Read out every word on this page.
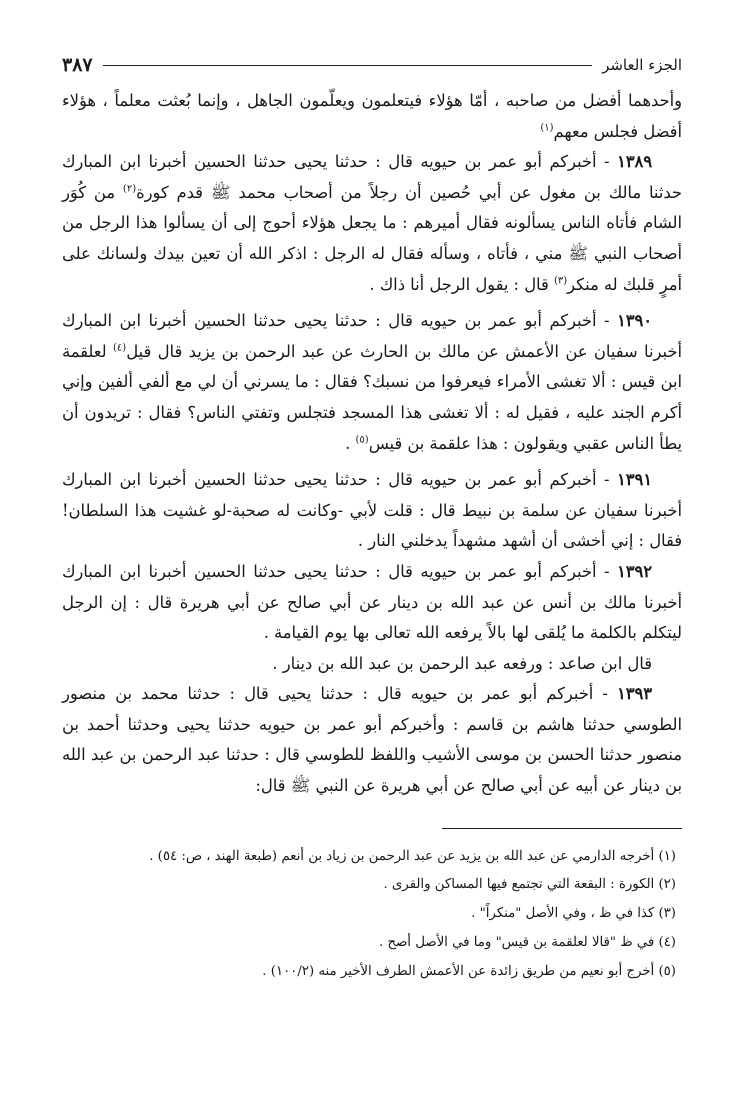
الجزء العاشر
٣٨٧

وأحدهما أفضل من صاحبه ، أمّا هؤلاء فيتعلمون ويعلّمون الجاهل ، وإنما بُعثت معلماً ، هؤلاء أفضل فجلس معهم$^{(١)}$

١٣٨٩ - أخبركم أبو عمر بن حيويه قال : حدثنا يحيى حدثنا الحسين أخبرنا ابن المبارك حدثنا مالك بن مغول عن أبي حُصين أن رجلاً من أصحاب محمد ﷺ قدم كورة$^{(٢)}$ من كُوَر الشام فأتاه الناس يسألونه فقال أميرهم : ما يجعل هؤلاء أحوج إلى أن يسألوا هذا الرجل من أصحاب النبي ﷺ مني ، فأتاه ، وسأله فقال له الرجل : اذكر الله أن تعين بيدك ولسانك على أمرٍ قلبك له منكر$^{(٣)}$ قال : يقول الرجل أنا ذاك .

١٣٩٠ - أخبركم أبو عمر بن حيويه قال : حدثنا يحيى حدثنا الحسين أخبرنا ابن المبارك أخبرنا سفيان عن الأعمش عن مالك بن الحارث عن عبد الرحمن بن يزيد قال قيل$^{(٤)}$ لعلقمة ابن قيس : ألا تغشى الأمراء فيعرفوا من نسبك؟ فقال : ما يسرني أن لي مع ألفي ألفين وإني أكرم الجند عليه ، فقيل له : ألا تغشى هذا المسجد فتجلس وتفتي الناس؟ فقال : تريدون أن يطأ الناس عقبي ويقولون : هذا علقمة بن قيس$^{(٥)}$ .

١٣٩١ - أخبركم أبو عمر بن حيويه قال : حدثنا يحيى حدثنا الحسين أخبرنا ابن المبارك أخبرنا سفيان عن سلمة بن نبيط قال : قلت لأبي -وكانت له صحبة-لو غشيت هذا السلطان! فقال : إني أخشى أن أشهد مشهداً يدخلني النار .

١٣٩٢ - أخبركم أبو عمر بن حيويه قال : حدثنا يحيى حدثنا الحسين أخبرنا ابن المبارك أخبرنا مالك بن أنس عن عبد الله بن دينار عن أبي صالح عن أبي هريرة قال : إن الرجل ليتكلم بالكلمة ما يُلقى لها بالاً يرفعه الله تعالى بها يوم القيامة .

قال ابن صاعد : ورفعه عبد الرحمن بن عبد الله بن دينار .

١٣٩٣ - أخبركم أبو عمر بن حيويه قال : حدثنا يحيى قال : حدثنا محمد بن منصور الطوسي حدثنا هاشم بن قاسم : وأخبركم أبو عمر بن حيويه حدثنا يحيى وحدثنا أحمد بن منصور حدثنا الحسن بن موسى الأشيب واللفظ للطوسي قال : حدثنا عبد الرحمن بن عبد الله بن دينار عن أبيه عن أبي صالح عن أبي هريرة عن النبي ﷺ قال:

(١) أخرجه الدارمي عن عبد الله بن يزيد عن عبد الرحمن بن زياد بن أنعم (طبعة الهند ، ص: ٥٤) .

(٢) الكورة : البقعة التي تجتمع فيها المساكن والقرى .

(٣) كذا في ظ ، وفي الأصل "منكراً" .

(٤) في ظ "قالا لعلقمة بن قيس" وما في الأصل أصح .

(٥) أخرج أبو نعيم من طريق زائدة عن الأعمش الطرف الأخير منه (١٠٠/٢) .
